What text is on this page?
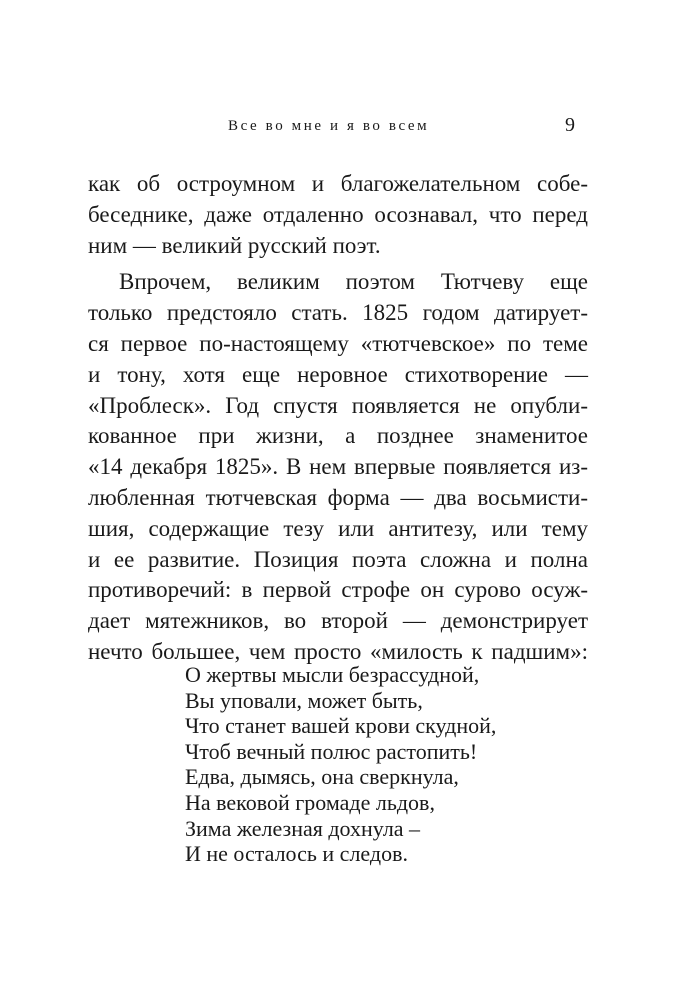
Все во мне и я во всем	9
как об остроумном и благожелательном собе-
беседнике, даже отдаленно осознавал, что перед
ним — великий русский поэт.
Впрочем, великим поэтом Тютчеву еще
только предстояло стать. 1825 годом датирует-
ся первое по-настоящему «тютчевское» по теме
и тону, хотя еще неровное стихотворение —
«Проблеск». Год спустя появляется не опубли-
кованное при жизни, а позднее знаменитое
«14 декабря 1825». В нем впервые появляется из-
любленная тютчевская форма — два восьмисти-
шия, содержащие тезу или антитезу, или тему
и ее развитие. Позиция поэта сложна и полна
противоречий: в первой строфе он сурово осуж-
дает мятежников, во второй — демонстрирует
нечто большее, чем просто «милость к падшим»:
О жертвы мысли безрассудной,
Вы уповали, может быть,
Что станет вашей крови скудной,
Чтоб вечный полюс растопить!
Едва, дымясь, она сверкнула,
На вековой громаде льдов,
Зима железная дохнула –
И не осталось и следов.
